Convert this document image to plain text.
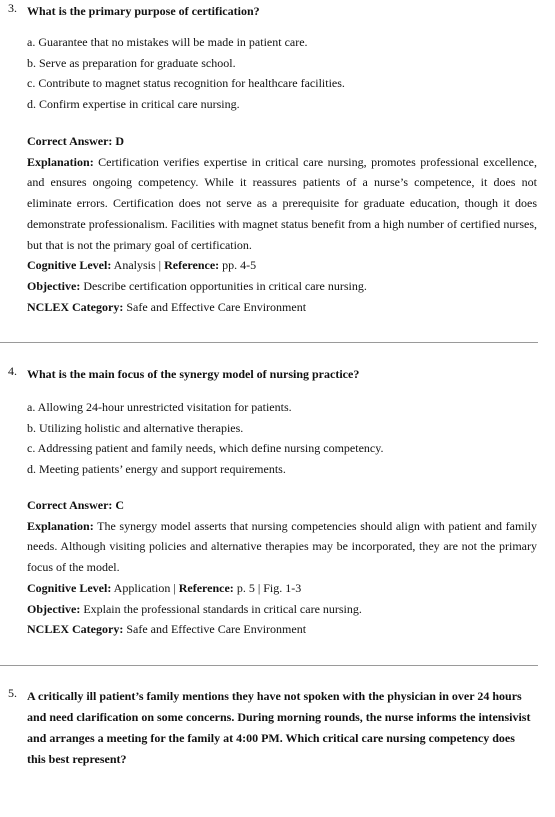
3. What is the primary purpose of certification?
a. Guarantee that no mistakes will be made in patient care.
b. Serve as preparation for graduate school.
c. Contribute to magnet status recognition for healthcare facilities.
d. Confirm expertise in critical care nursing.
Correct Answer: D
Explanation: Certification verifies expertise in critical care nursing, promotes professional excellence, and ensures ongoing competency. While it reassures patients of a nurse’s competence, it does not eliminate errors. Certification does not serve as a prerequisite for graduate education, though it does demonstrate professionalism. Facilities with magnet status benefit from a high number of certified nurses, but that is not the primary goal of certification.
Cognitive Level: Analysis | Reference: pp. 4-5
Objective: Describe certification opportunities in critical care nursing.
NCLEX Category: Safe and Effective Care Environment
4. What is the main focus of the synergy model of nursing practice?
a. Allowing 24-hour unrestricted visitation for patients.
b. Utilizing holistic and alternative therapies.
c. Addressing patient and family needs, which define nursing competency.
d. Meeting patients’ energy and support requirements.
Correct Answer: C
Explanation: The synergy model asserts that nursing competencies should align with patient and family needs. Although visiting policies and alternative therapies may be incorporated, they are not the primary focus of the model.
Cognitive Level: Application | Reference: p. 5 | Fig. 1-3
Objective: Explain the professional standards in critical care nursing.
NCLEX Category: Safe and Effective Care Environment
5. A critically ill patient’s family mentions they have not spoken with the physician in over 24 hours and need clarification on some concerns. During morning rounds, the nurse informs the intensivist and arranges a meeting for the family at 4:00 PM. Which critical care nursing competency does this best represent?
